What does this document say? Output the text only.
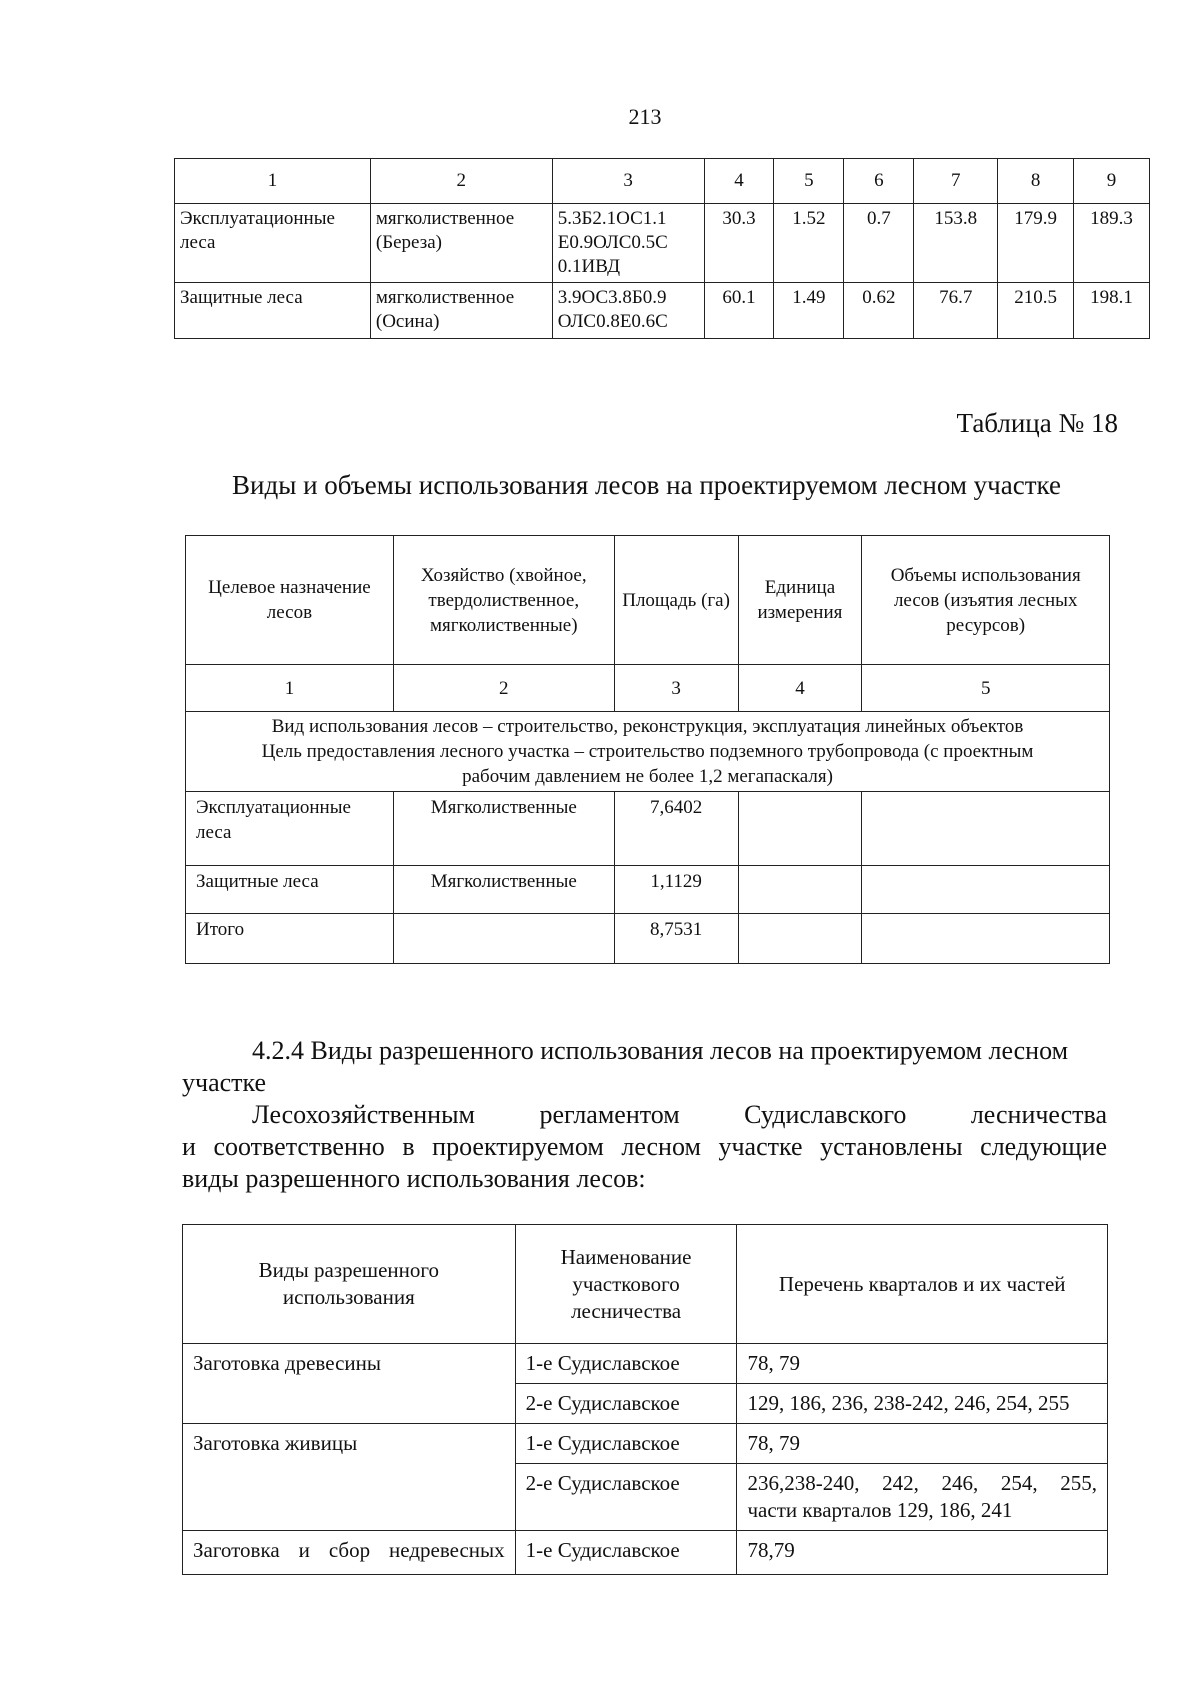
213
1	2	3	4	5	6	7	8	9
Эксплуатационные леса	мягколиственное (Береза)	5.3Б2.1ОС1.1 Е0.9ОЛС0.5С 0.1ИВД	30.3	1.52	0.7	153.8	179.9	189.3
Защитные леса	мягколиственное (Осина)	3.9ОС3.8Б0.9 ОЛС0.8Е0.6С	60.1	1.49	0.62	76.7	210.5	198.1
Таблица № 18
Виды и объемы использования лесов на проектируемом лесном участке
Целевое назначение лесов	Хозяйство (хвойное, твердолиственное, мягколиственные)	Площадь (га)	Единица измерения	Объемы использования лесов (изъятия лесных ресурсов)
1	2	3	4	5

Вид использования лесов – строительство, реконструкция, эксплуатация линейных объектов
Цель предоставления лесного участка – строительство подземного трубопровода (с проектным
рабочим давлением не более 1,2 мегапаскаля)				

Эксплуатационные леса	Мягколиственные	7,6402		
Защитные леса	Мягколиственные	1,1129		
Итого		8,7531		
4.2.4 Виды разрешенного использования лесов на проектируемом лесном
участке
Лесохозяйственным регламентом Судиславского лесничества
и соответственно в проектируемом лесном участке установлены следующие
виды разрешенного использования лесов:
Виды разрешенного использования	Наименование участкового лесничества	Перечень кварталов и их частей
Заготовка древесины	1-е Судиславское	78, 79
	2-е Судиславское	129, 186, 236, 238-242, 246, 254, 255
Заготовка живицы	1-е Судиславское	78, 79
	2-е Судиславское	236,238-240, 242, 246, 254, 255,
части кварталов 129, 186, 241

Заготовка и сбор недревесных	1-е Судиславское	78,79
